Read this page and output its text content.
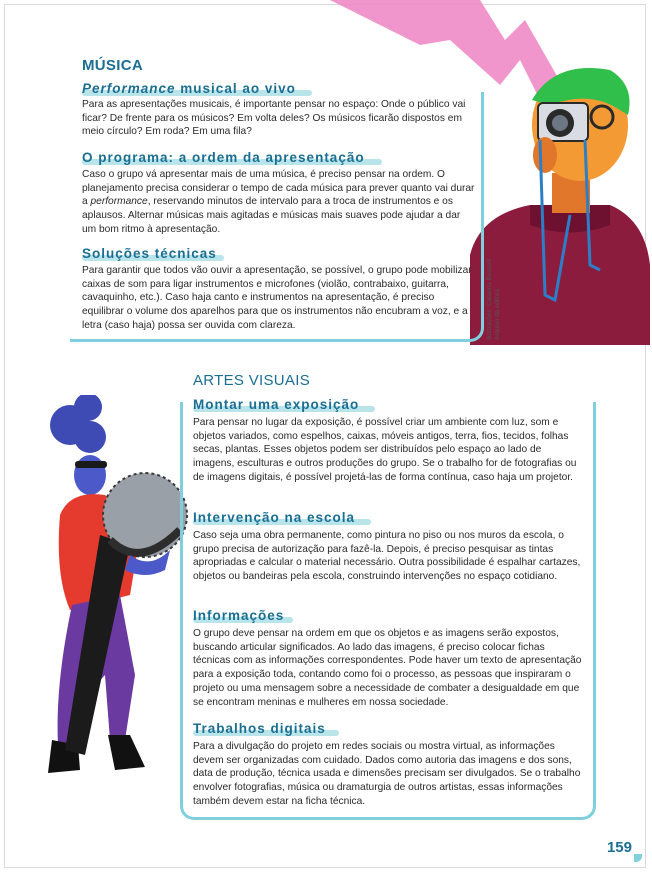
MÚSICA
Performance musical ao vivo

Para as apresentações musicais, é importante pensar no espaço: Onde o público vai ficar? De frente para os músicos? Em volta deles? Os músicos ficarão dispostos em meio círculo? Em roda? Em uma fila?

O programa: a ordem da apresentação

Caso o grupo vá apresentar mais de uma música, é preciso pensar na ordem. O planejamento precisa considerar o tempo de cada música para prever quanto vai durar a performance, reservando minutos de intervalo para a troca de instrumentos e os aplausos. Alternar músicas mais agitadas e músicas mais suaves pode ajudar a dar um bom ritmo à apresentação.

Soluções técnicas

Para garantir que todos vão ouvir a apresentação, se possível, o grupo pode mobilizar caixas de som para ligar instrumentos e microfones (violão, contrabaixo, guitarra, cavaquinho, etc.). Caso haja canto e instrumentos na apresentação, é preciso equilibrar o volume dos aparelhos para que os instrumentos não encubram a voz, e a letra (caso haja) possa ser ouvida com clareza.	Ilustrações: Catarina Bessell/ Arquivo da editora
ARTES VISUAIS
Montar uma exposição

Para pensar no lugar da exposição, é possível criar um ambiente com luz, som e objetos variados, como espelhos, caixas, móveis antigos, terra, fios, tecidos, folhas secas, plantas. Esses objetos podem ser distribuídos pelo espaço ao lado de imagens, esculturas e outros produções do grupo. Se o trabalho for de fotografias ou de imagens digitais, é possível projetá-las de forma contínua, caso haja um projetor.

Intervenção na escola

Caso seja uma obra permanente, como pintura no piso ou nos muros da escola, o grupo precisa de autorização para fazê-la. Depois, é preciso pesquisar as tintas apropriadas e calcular o material necessário. Outra possibilidade é espalhar cartazes, objetos ou bandeiras pela escola, construindo intervenções no espaço cotidiano.

Informações

O grupo deve pensar na ordem em que os objetos e as imagens serão expostos, buscando articular significados. Ao lado das imagens, é preciso colocar fichas técnicas com as informações correspondentes. Pode haver um texto de apresentação para a exposição toda, contando como foi o processo, as pessoas que inspiraram o projeto ou uma mensagem sobre a necessidade de combater a desigualdade em que se encontram meninas e mulheres em nossa sociedade.

Trabalhos digitais

Para a divulgação do projeto em redes sociais ou mostra virtual, as informações devem ser organizadas com cuidado. Dados como autoria das imagens e dos sons, data de produção, técnica usada e dimensões precisam ser divulgados. Se o trabalho envolver fotografias, música ou dramaturgia de outros artistas, essas informações também devem estar na ficha técnica.

159
